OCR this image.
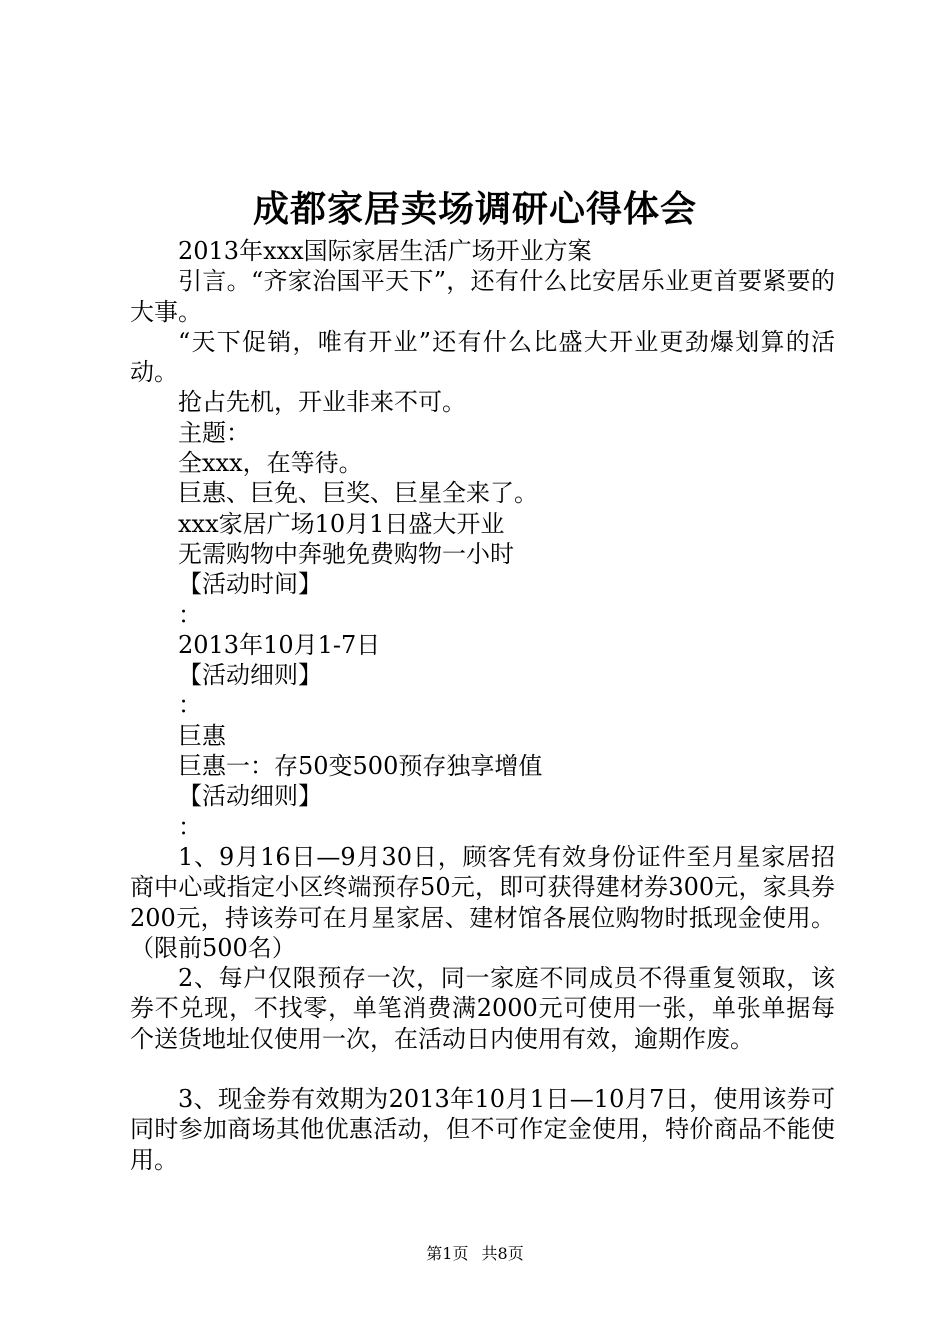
成都家居卖场调研心得体会

2013年xxx国际家居生活广场开业方案

引言。“齐家治国平天下”，还有什么比安居乐业更首要紧要的大事。

“天下促销，唯有开业”还有什么比盛大开业更劲爆划算的活动。

抢占先机，开业非来不可。

主题：

全xxx，在等待。

巨惠、巨免、巨奖、巨星全来了。

xxx家居广场10月1日盛大开业

无需购物中奔驰免费购物一小时

【活动时间】

：

2013年10月1-7日

【活动细则】

：

巨惠

巨惠一：存50变500预存独享增值

【活动细则】

：

1、9月16日—9月30日，顾客凭有效身份证件至月星家居招商中心或指定小区终端预存50元，即可获得建材券300元，家具券200元，持该券可在月星家居、建材馆各展位购物时抵现金使用。（限前500名）

2、每户仅限预存一次，同一家庭不同成员不得重复领取，该券不兑现，不找零，单笔消费满2000元可使用一张，单张单据每个送货地址仅使用一次，在活动日内使用有效，逾期作废。

3、现金券有效期为2013年10月1日—10月7日，使用该券可同时参加商场其他优惠活动，但不可作定金使用，特价商品不能使用。

第1页 共8页
